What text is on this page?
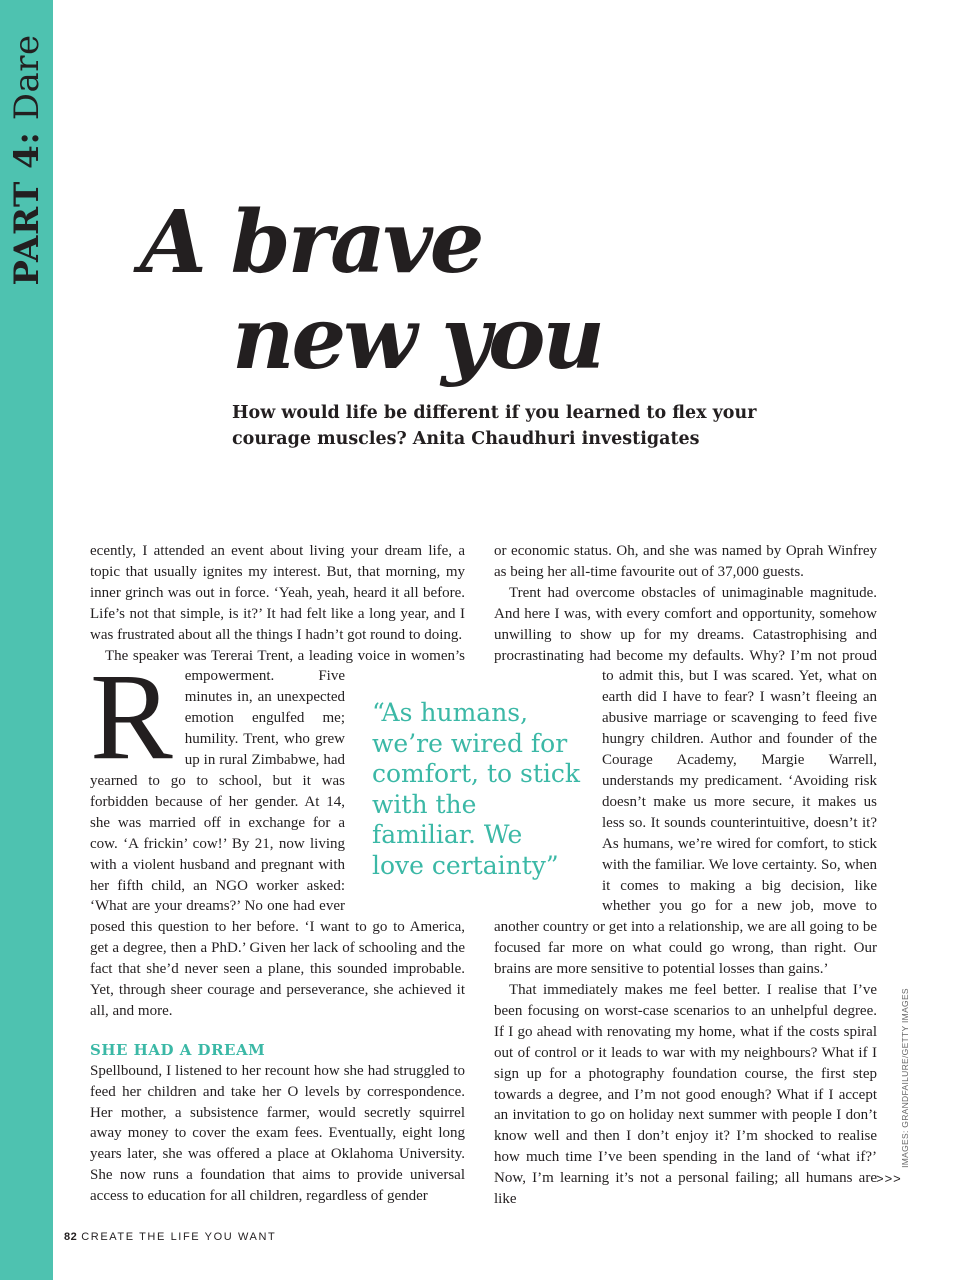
PART 4: Dare
A brave
new you

How would life be different if you learned to flex your courage muscles? Anita Chaudhuri investigates

R
ecently, I attended an event about living your dream life, a topic that usually ignites my interest. But, that morning, my inner grinch was out in force. ‘Yeah, yeah, heard it all before. Life’s not that simple, is it?’ It had felt like a long year, and I was frustrated about all the things I hadn’t got round to doing.

The speaker was Tererai Trent, a leading voice in women’s empowerment. Five minutes in, an unexpected emotion engulfed me; humility. Trent, who grew up in rural Zimbabwe, had yearned to go to school, but it was forbidden because of her gender. At 14, she was married off in exchange for a cow. ‘A frickin’ cow!’ By 21, now living with a violent husband and pregnant with her fifth child, an NGO worker asked: ‘What are your dreams?’ No one had ever posed this question to her before. ‘I want to go to America, get a degree, then a PhD.’ Given her lack of schooling and the fact that she’d never seen a plane, this sounded improbable. Yet, through sheer courage and perseverance, she achieved it all, and more.

SHE HAD A DREAM

Spellbound, I listened to her recount how she had struggled to feed her children and take her O levels by correspondence. Her mother, a subsistence farmer, would secretly squirrel away money to cover the exam fees. Eventually, eight long years later, she was offered a place at Oklahoma University. She now runs a foundation that aims to provide universal access to education for all children, regardless of gender

or economic status. Oh, and she was named by Oprah Winfrey as being her all-time favourite out of 37,000 guests.

Trent had overcome obstacles of unimaginable magnitude. And here I was, with every comfort and opportunity, somehow unwilling to show up for my dreams. Catastrophising and procrastinating had become my defaults. Why? I’m not proud to admit this, but I was scared. Yet, what on earth did I have to fear? I wasn’t fleeing an abusive marriage or scavenging to feed five hungry children. Author and founder of the Courage Academy, Margie Warrell, understands my predicament. ‘Avoiding risk doesn’t make us more secure, it makes us less so. It sounds counterintuitive, doesn’t it? As humans, we’re wired for comfort, to stick with the familiar. We love certainty. So, when it comes to making a big decision, like whether you go for a new job, move to another country or get into a relationship, we are all going to be focused far more on what could go wrong, than right. Our brains are more sensitive to potential losses than gains.’

That immediately makes me feel better. I realise that I’ve been focusing on worst-case scenarios to an unhelpful degree. If I go ahead with renovating my home, what if the costs spiral out of control or it leads to war with my neighbours? What if I sign up for a photography foundation course, the first step towards a degree, and I’m not good enough? What if I accept an invitation to go on holiday next summer with people I don’t know well and then I don’t enjoy it? I’m shocked to realise how much time I’ve been spending in the land of ‘what if?’ Now, I’m learning it’s not a personal failing; all humans are like

“As humans, we’re wired for comfort, to stick with the familiar. We love certainty”

>>>
IMAGES: GRANDFAILURE/GETTY IMAGES
82 CREATE THE LIFE YOU WANT
